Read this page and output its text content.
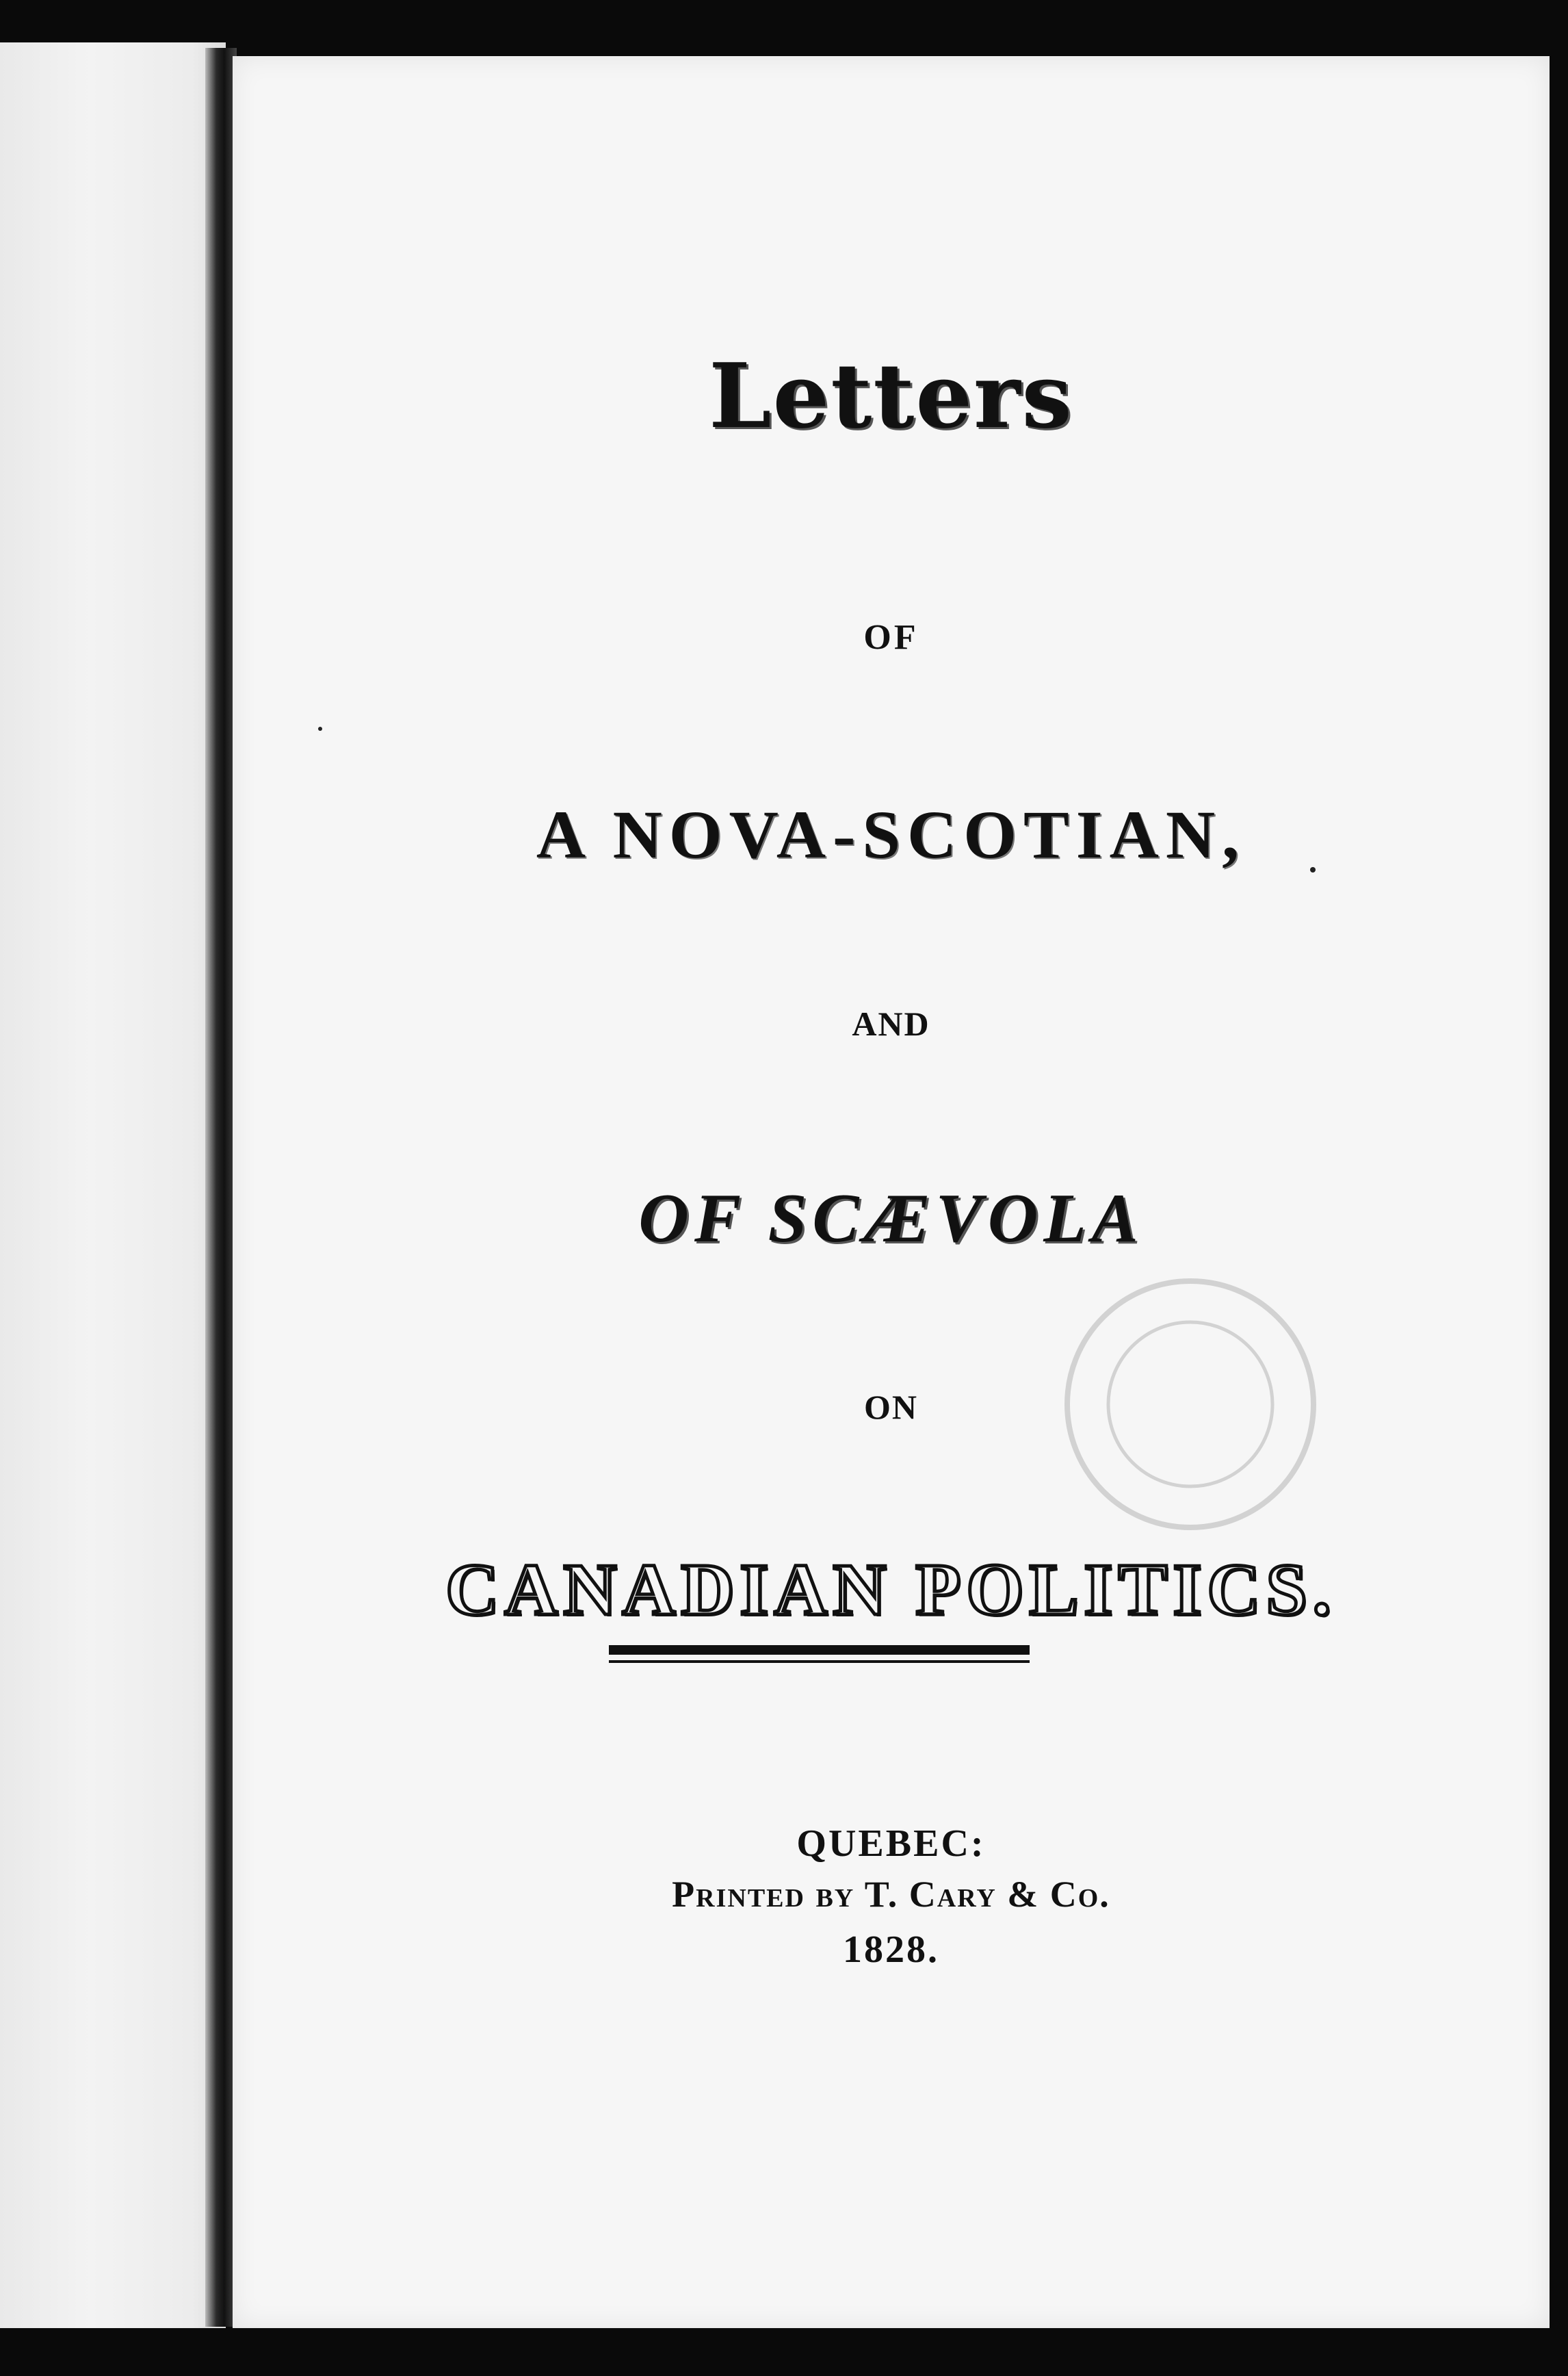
Letters
OF
A NOVA-SCOTIAN,
AND
OF SCÆVOLA
ON
CANADIAN POLITICS.
QUEBEC:
Printed by T. Cary & Co.
1828.
